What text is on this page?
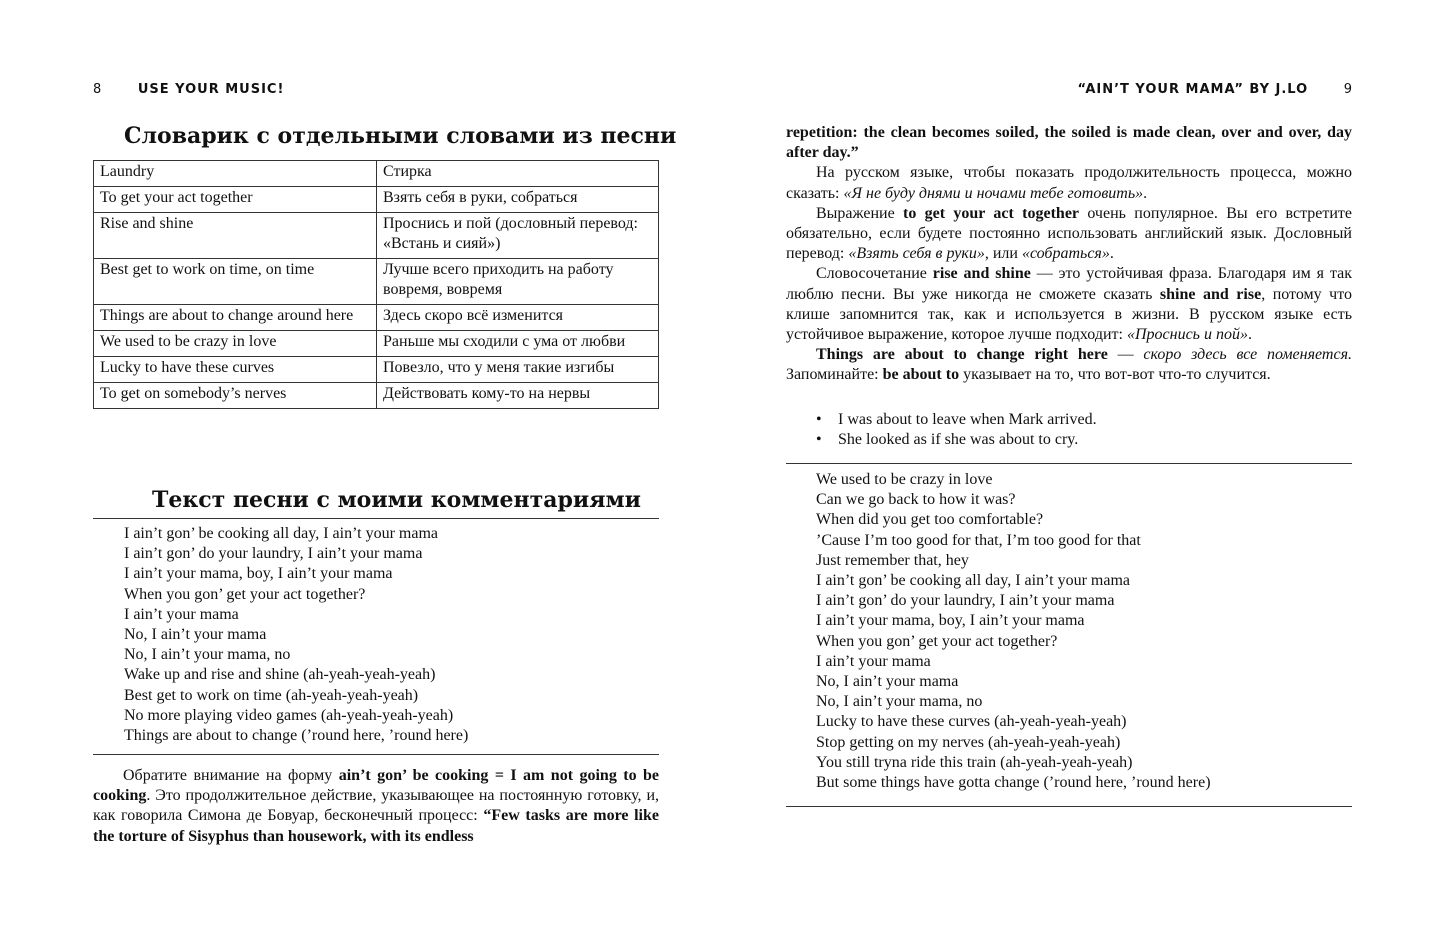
8	USE YOUR MUSIC!
Словарик с отдельными словами из песни
Laundry	Стирка
To get your act together	Взять себя в руки, собраться
Rise and shine	Проснись и пой (дословный перевод: «Встань и сияй»)
Best get to work on time, on time	Лучше всего приходить на работу вовремя, вовремя
Things are about to change around here	Здесь скоро всё изменится
We used to be crazy in love	Раньше мы сходили с ума от любви
Lucky to have these curves	Повезло, что у меня такие изгибы
To get on somebody’s nerves	Действовать кому-то на нервы
Текст песни с моими комментариями
I ain’t gon’ be cooking all day, I ain’t your mama
I ain’t gon’ do your laundry, I ain’t your mama
I ain’t your mama, boy, I ain’t your mama
When you gon’ get your act together?
I ain’t your mama
No, I ain’t your mama
No, I ain’t your mama, no
Wake up and rise and shine (ah-yeah-yeah-yeah)
Best get to work on time (ah-yeah-yeah-yeah)
No more playing video games (ah-yeah-yeah-yeah)
Things are about to change (’round here, ’round here)

Обратите внимание на форму ain’t gon’ be cooking = I am not going to be cooking. Это продолжительное действие, указывающее на постоянную готовку, и, как говорила Симона де Бовуар, бесконечный процесс: “Few tasks are more like the torture of Sisyphus than housework, with its endless

“AIN’T YOUR MAMA” BY J.LO	9

repetition: the clean becomes soiled, the soiled is made clean, over and over, day after day.”

На русском языке, чтобы показать продолжительность процесса, можно сказать: «Я не буду днями и ночами тебе готовить».

Выражение to get your act together очень популярное. Вы его встретите обязательно, если будете постоянно использовать английский язык. Дословный перевод: «Взять себя в руки», или «собраться».

Словосочетание rise and shine — это устойчивая фраза. Благодаря им я так люблю песни. Вы уже никогда не сможете сказать shine and rise, потому что клише запомнится так, как и используется в жизни. В русском языке есть устойчивое выражение, которое лучше подходит: «Проснись и пой».

Things are about to change right here — скоро здесь все поменяется. Запоминайте: be about to указывает на то, что вот-вот что-то случится.

• I was about to leave when Mark arrived.
• She looked as if she was about to cry.
We used to be crazy in love
Can we go back to how it was?
When did you get too comfortable?
’Cause I’m too good for that, I’m too good for that
Just remember that, hey
I ain’t gon’ be cooking all day, I ain’t your mama
I ain’t gon’ do your laundry, I ain’t your mama
I ain’t your mama, boy, I ain’t your mama
When you gon’ get your act together?
I ain’t your mama
No, I ain’t your mama
No, I ain’t your mama, no
Lucky to have these curves (ah-yeah-yeah-yeah)
Stop getting on my nerves (ah-yeah-yeah-yeah)
You still tryna ride this train (ah-yeah-yeah-yeah)
But some things have gotta change (’round here, ’round here)
